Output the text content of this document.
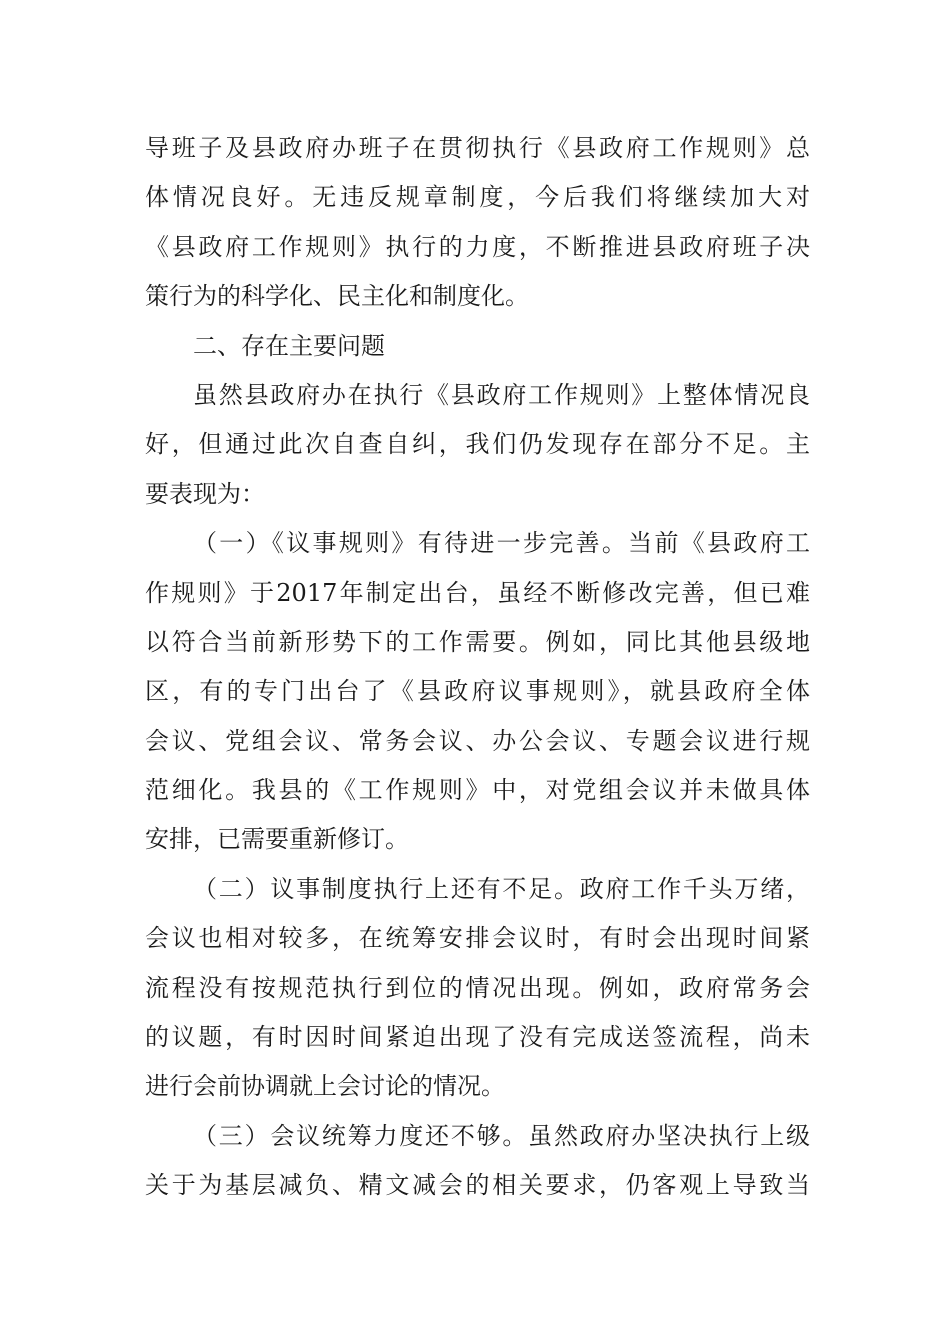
导班子及县政府办班子在贯彻执行《县政府工作规则》总
体情况良好。无违反规章制度，今后我们将继续加大对
《县政府工作规则》执行的力度，不断推进县政府班子决
策行为的科学化、民主化和制度化。
二、存在主要问题
虽然县政府办在执行《县政府工作规则》上整体情况良
好，但通过此次自查自纠，我们仍发现存在部分不足。主
要表现为：
（一）《议事规则》有待进一步完善。当前《县政府工
作规则》于2017年制定出台，虽经不断修改完善，但已难
以符合当前新形势下的工作需要。例如，同比其他县级地
区，有的专门出台了《县政府议事规则》，就县政府全体
会议、党组会议、常务会议、办公会议、专题会议进行规
范细化。我县的《工作规则》中，对党组会议并未做具体
安排，已需要重新修订。
（二）议事制度执行上还有不足。政府工作千头万绪，
会议也相对较多，在统筹安排会议时，有时会出现时间紧
流程没有按规范执行到位的情况出现。例如，政府常务会
的议题，有时因时间紧迫出现了没有完成送签流程，尚未
进行会前协调就上会讨论的情况。
（三）会议统筹力度还不够。虽然政府办坚决执行上级
关于为基层减负、精文减会的相关要求，仍客观上导致当
